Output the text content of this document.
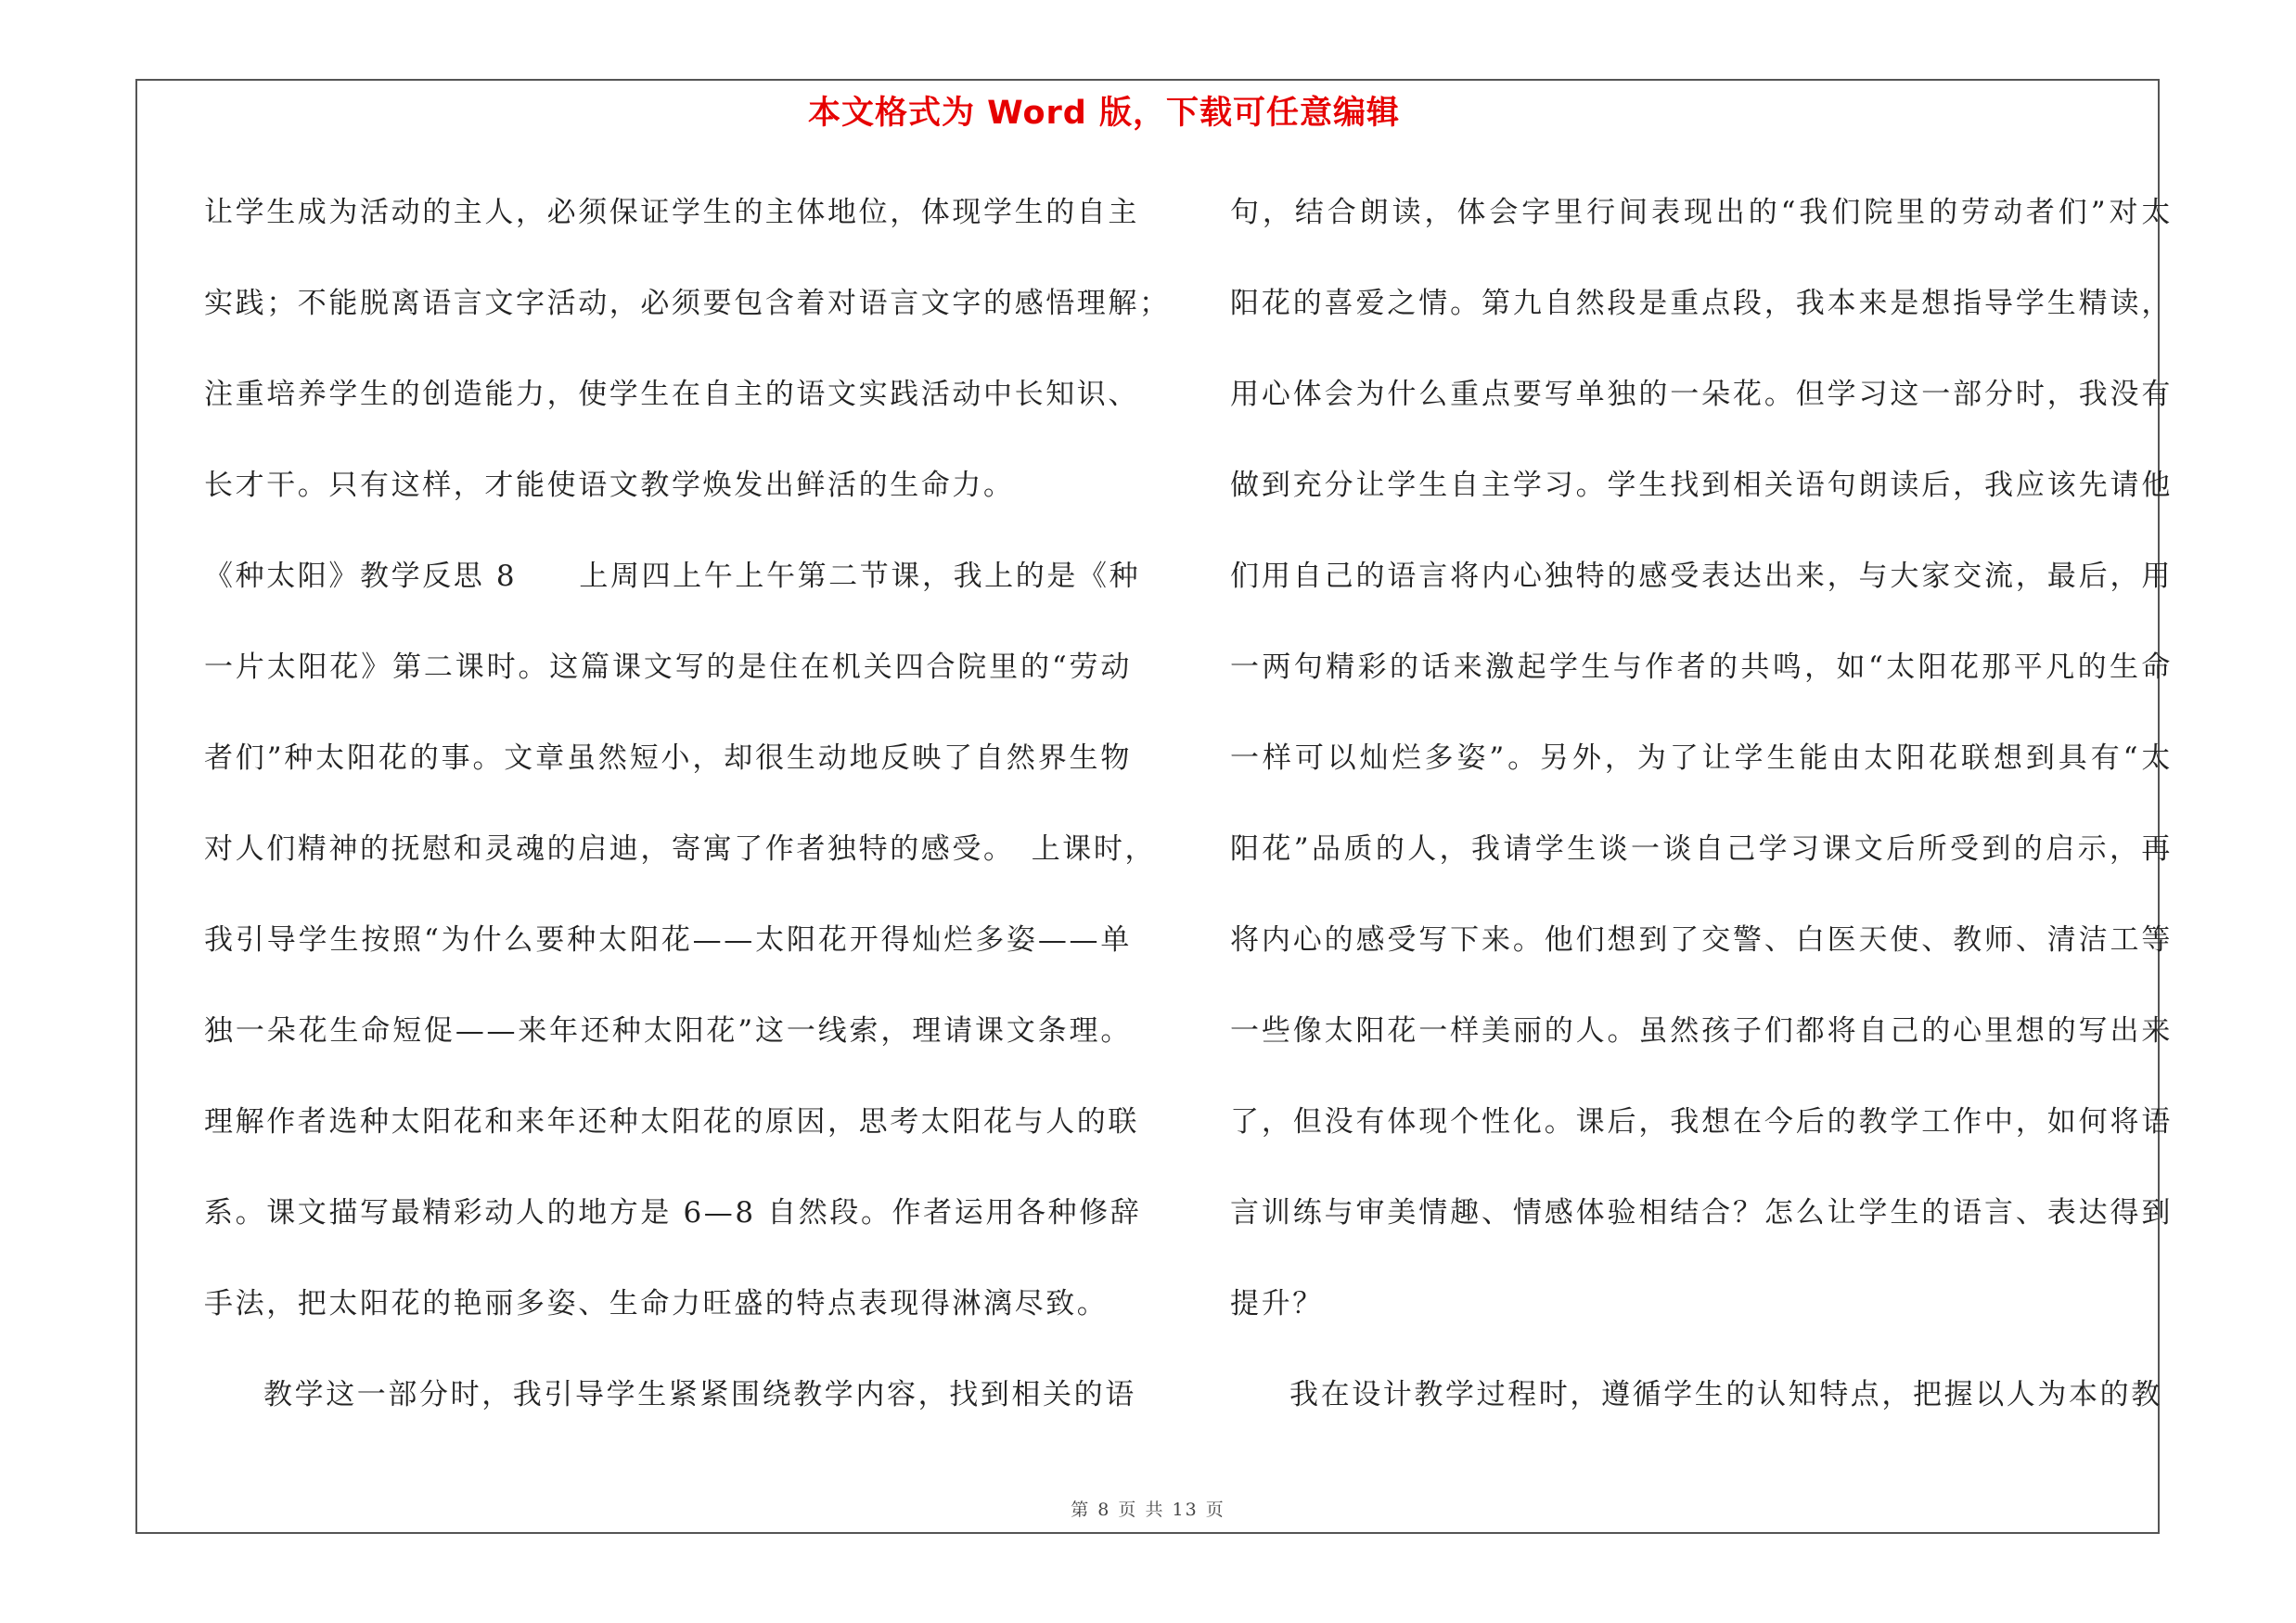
本文格式为 Word 版，下载可任意编辑
让学生成为活动的主人，必须保证学生的主体地位，体现学生的自主
实践；不能脱离语言文字活动，必须要包含着对语言文字的感悟理解；
注重培养学生的创造能力，使学生在自主的语文实践活动中长知识、
长才干。只有这样，才能使语文教学焕发出鲜活的生命力。
《种太阳》教学反思 8　　上周四上午上午第二节课，我上的是《种
一片太阳花》第二课时。这篇课文写的是住在机关四合院里的“劳动
者们”种太阳花的事。文章虽然短小，却很生动地反映了自然界生物
对人们精神的抚慰和灵魂的启迪，寄寓了作者独特的感受。　上课时，
我引导学生按照“为什么要种太阳花——太阳花开得灿烂多姿——单
独一朵花生命短促——来年还种太阳花”这一线索，理请课文条理。
理解作者选种太阳花和来年还种太阳花的原因，思考太阳花与人的联
系。课文描写最精彩动人的地方是 6—8 自然段。作者运用各种修辞
手法，把太阳花的艳丽多姿、生命力旺盛的特点表现得淋漓尽致。
教学这一部分时，我引导学生紧紧围绕教学内容，找到相关的语
句，结合朗读，体会字里行间表现出的“我们院里的劳动者们”对太
阳花的喜爱之情。第九自然段是重点段，我本来是想指导学生精读，
用心体会为什么重点要写单独的一朵花。但学习这一部分时，我没有
做到充分让学生自主学习。学生找到相关语句朗读后，我应该先请他
们用自己的语言将内心独特的感受表达出来，与大家交流，最后，用
一两句精彩的话来激起学生与作者的共鸣，如“太阳花那平凡的生命
一样可以灿烂多姿”。另外，为了让学生能由太阳花联想到具有“太
阳花”品质的人，我请学生谈一谈自己学习课文后所受到的启示，再
将内心的感受写下来。他们想到了交警、白医天使、教师、清洁工等
一些像太阳花一样美丽的人。虽然孩子们都将自己的心里想的写出来
了，但没有体现个性化。课后，我想在今后的教学工作中，如何将语
言训练与审美情趣、情感体验相结合？怎么让学生的语言、表达得到
提升？
我在设计教学过程时，遵循学生的认知特点，把握以人为本的教
第 8 页 共 13 页
